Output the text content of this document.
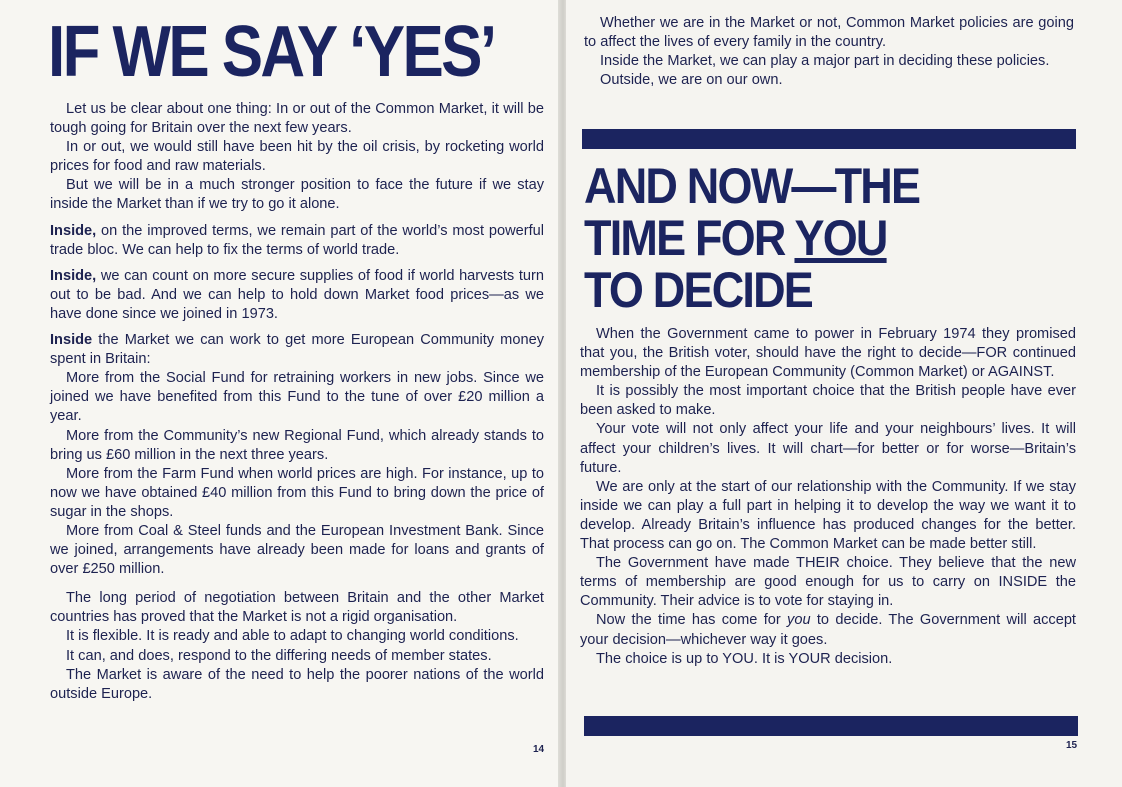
IF WE SAY ‘YES’

Let us be clear about one thing: In or out of the Common Market, it will be tough going for Britain over the next few years.

In or out, we would still have been hit by the oil crisis, by rocketing world prices for food and raw materials.

But we will be in a much stronger position to face the future if we stay inside the Market than if we try to go it alone.

Inside, on the improved terms, we remain part of the world’s most powerful trade bloc. We can help to fix the terms of world trade.

Inside, we can count on more secure supplies of food if world harvests turn out to be bad. And we can help to hold down Market food prices—as we have done since we joined in 1973.

Inside the Market we can work to get more European Community money spent in Britain:

More from the Social Fund for retraining workers in new jobs. Since we joined we have benefited from this Fund to the tune of over £20 million a year.

More from the Community’s new Regional Fund, which already stands to bring us £60 million in the next three years.

More from the Farm Fund when world prices are high. For instance, up to now we have obtained £40 million from this Fund to bring down the price of sugar in the shops.

More from Coal & Steel funds and the European Investment Bank. Since we joined, arrangements have already been made for loans and grants of over £250 million.

The long period of negotiation between Britain and the other Market countries has proved that the Market is not a rigid organisation.

It is flexible. It is ready and able to adapt to changing world conditions.

It can, and does, respond to the differing needs of member states.

The Market is aware of the need to help the poorer nations of the world outside Europe.

14

Whether we are in the Market or not, Common Market policies are going to affect the lives of every family in the country.

Inside the Market, we can play a major part in deciding these policies.

Outside, we are on our own.

AND NOW—THE
TIME FOR YOU
TO DECIDE

When the Government came to power in February 1974 they promised that you, the British voter, should have the right to decide—FOR continued membership of the European Community (Common Market) or AGAINST.

It is possibly the most important choice that the British people have ever been asked to make.

Your vote will not only affect your life and your neighbours’ lives. It will affect your children’s lives. It will chart—for better or for worse—Britain’s future.

We are only at the start of our relationship with the Community. If we stay inside we can play a full part in helping it to develop the way we want it to develop. Already Britain’s influence has produced changes for the better. That process can go on. The Common Market can be made better still.

The Government have made THEIR choice. They believe that the new terms of membership are good enough for us to carry on INSIDE the Community. Their advice is to vote for staying in.

Now the time has come for you to decide. The Government will accept your decision—whichever way it goes.

The choice is up to YOU. It is YOUR decision.

15
